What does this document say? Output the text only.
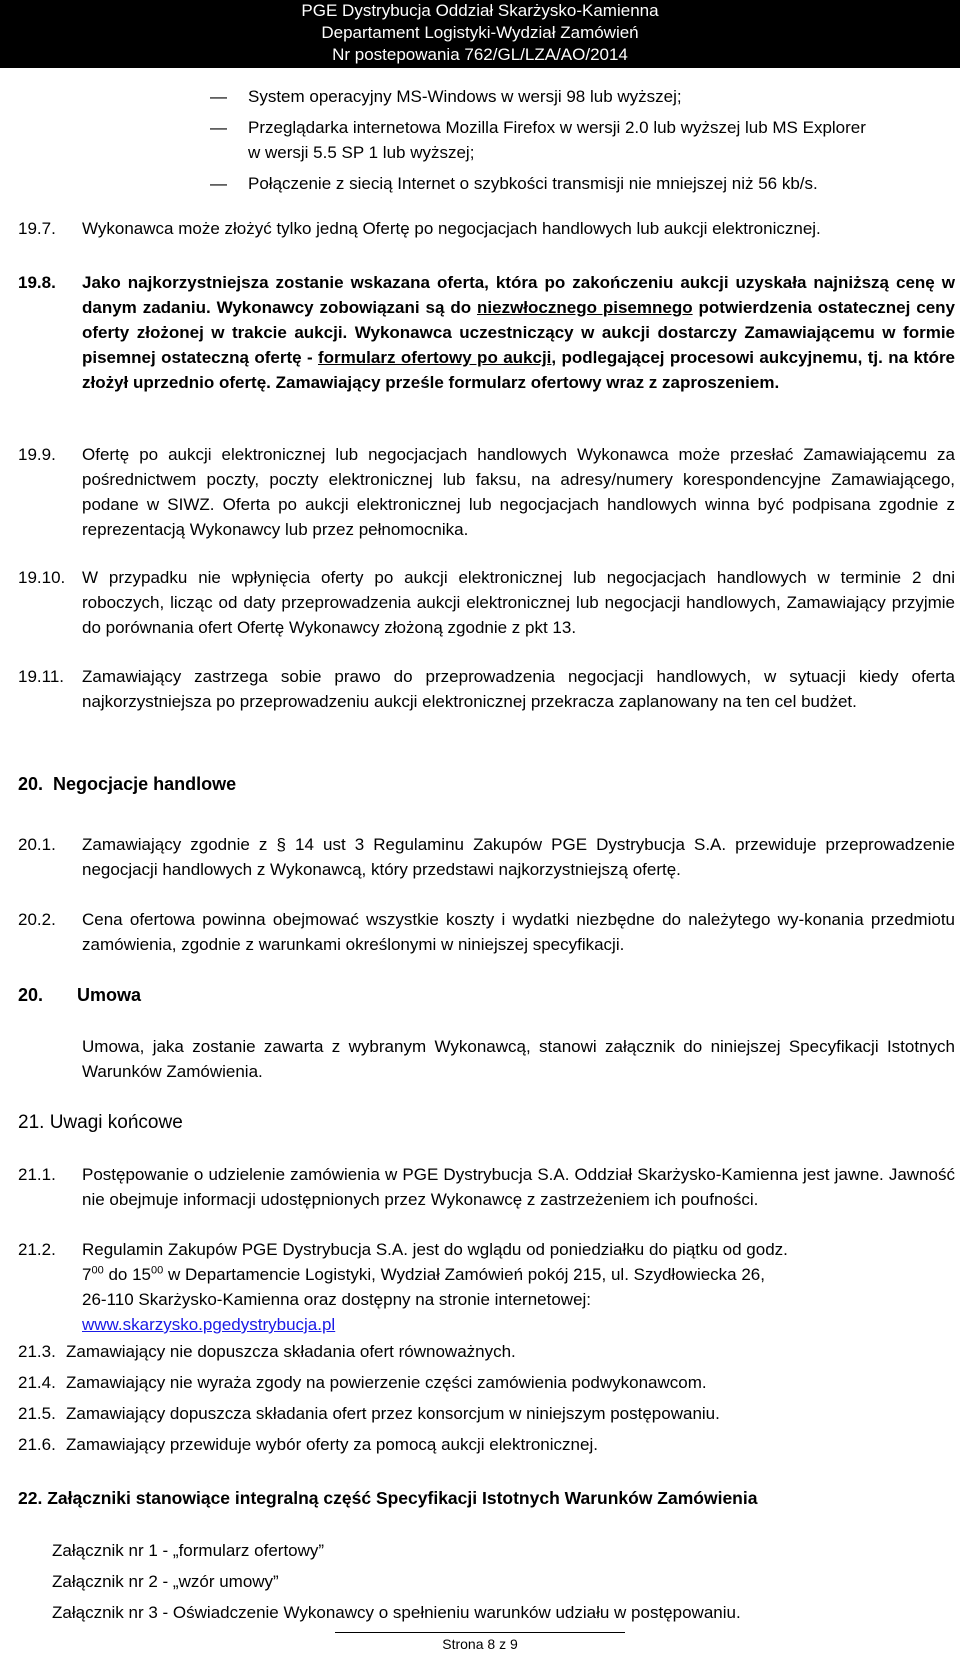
PGE Dystrybucja Oddział Skarżysko-Kamienna
Departament Logistyki-Wydział Zamówień
Nr postepowania 762/GL/LZA/AO/2014
— System operacyjny MS-Windows w wersji 98 lub wyższej;
— Przeglądarka internetowa Mozilla Firefox w wersji 2.0 lub wyższej lub MS Explorer
w wersji 5.5 SP 1 lub wyższej;
— Połączenie z siecią Internet o szybkości transmisji nie mniejszej niż 56 kb/s.
19.7. Wykonawca może złożyć tylko jedną Ofertę po negocjacjach handlowych lub aukcji elektronicznej.
19.8. Jako najkorzystniejsza zostanie wskazana oferta, która po zakończeniu aukcji uzyskała najniższą cenę w danym zadaniu. Wykonawcy zobowiązani są do niezwłocznego pisemnego potwierdzenia ostatecznej ceny oferty złożonej w trakcie aukcji. Wykonawca uczestniczący w aukcji dostarczy Zamawiającemu w formie pisemnej ostateczną ofertę - formularz ofertowy po aukcji, podlegającej procesowi aukcyjnemu, tj. na które złożył uprzednio ofertę. Zamawiający prześle formularz ofertowy wraz z zaproszeniem.
19.9. Ofertę po aukcji elektronicznej lub negocjacjach handlowych Wykonawca może przesłać Zamawiającemu za pośrednictwem poczty, poczty elektronicznej lub faksu, na adresy/numery korespondencyjne Zamawiającego, podane w SIWZ. Oferta po aukcji elektronicznej lub negocjacjach handlowych winna być podpisana zgodnie z reprezentacją Wykonawcy lub przez pełnomocnika.
19.10. W przypadku nie wpłynięcia oferty po aukcji elektronicznej lub negocjacjach handlowych w terminie 2 dni roboczych, licząc od daty przeprowadzenia aukcji elektronicznej lub negocjacji handlowych, Zamawiający przyjmie do porównania ofert Ofertę Wykonawcy złożoną zgodnie z pkt 13.
19.11. Zamawiający zastrzega sobie prawo do przeprowadzenia negocjacji handlowych, w sytuacji kiedy oferta najkorzystniejsza po przeprowadzeniu aukcji elektronicznej przekracza zaplanowany na ten cel budżet.
20. Negocjacje handlowe
20.1. Zamawiający zgodnie z § 14 ust 3 Regulaminu Zakupów PGE Dystrybucja S.A. przewiduje przeprowadzenie negocjacji handlowych z Wykonawcą, który przedstawi najkorzystniejszą ofertę.
20.2. Cena ofertowa powinna obejmować wszystkie koszty i wydatki niezbędne do należytego wy-konania przedmiotu zamówienia, zgodnie z warunkami określonymi w niniejszej specyfikacji.
20. Umowa
Umowa, jaka zostanie zawarta z wybranym Wykonawcą, stanowi załącznik do niniejszej Specyfikacji Istotnych Warunków Zamówienia.
21. Uwagi końcowe
21.1. Postępowanie o udzielenie zamówienia w PGE Dystrybucja S.A. Oddział Skarżysko-Kamienna jest jawne. Jawność nie obejmuje informacji udostępnionych przez Wykonawcę z zastrzeżeniem ich poufności.
21.2. Regulamin Zakupów PGE Dystrybucja S.A. jest do wglądu od poniedziałku do piątku od godz.
$7^{00}$ do $15^{00}$ w Departamencie Logistyki, Wydział Zamówień pokój 215, ul. Szydłowiecka 26,
26-110 Skarżysko-Kamienna oraz dostępny na stronie internetowej:
www.skarzysko.pgedystrybucja.pl
21.3. Zamawiający nie dopuszcza składania ofert równoważnych.
21.4. Zamawiający nie wyraża zgody na powierzenie części zamówienia podwykonawcom.
21.5. Zamawiający dopuszcza składania ofert przez konsorcjum w niniejszym postępowaniu.
21.6. Zamawiający przewiduje wybór oferty za pomocą aukcji elektronicznej.
22. Załączniki stanowiące integralną część Specyfikacji Istotnych Warunków Zamówienia
Załącznik nr 1 - „formularz ofertowy”
Załącznik nr 2 - „wzór umowy”
Załącznik nr 3 - Oświadczenie Wykonawcy o spełnieniu warunków udziału w postępowaniu.
Strona 8 z 9
